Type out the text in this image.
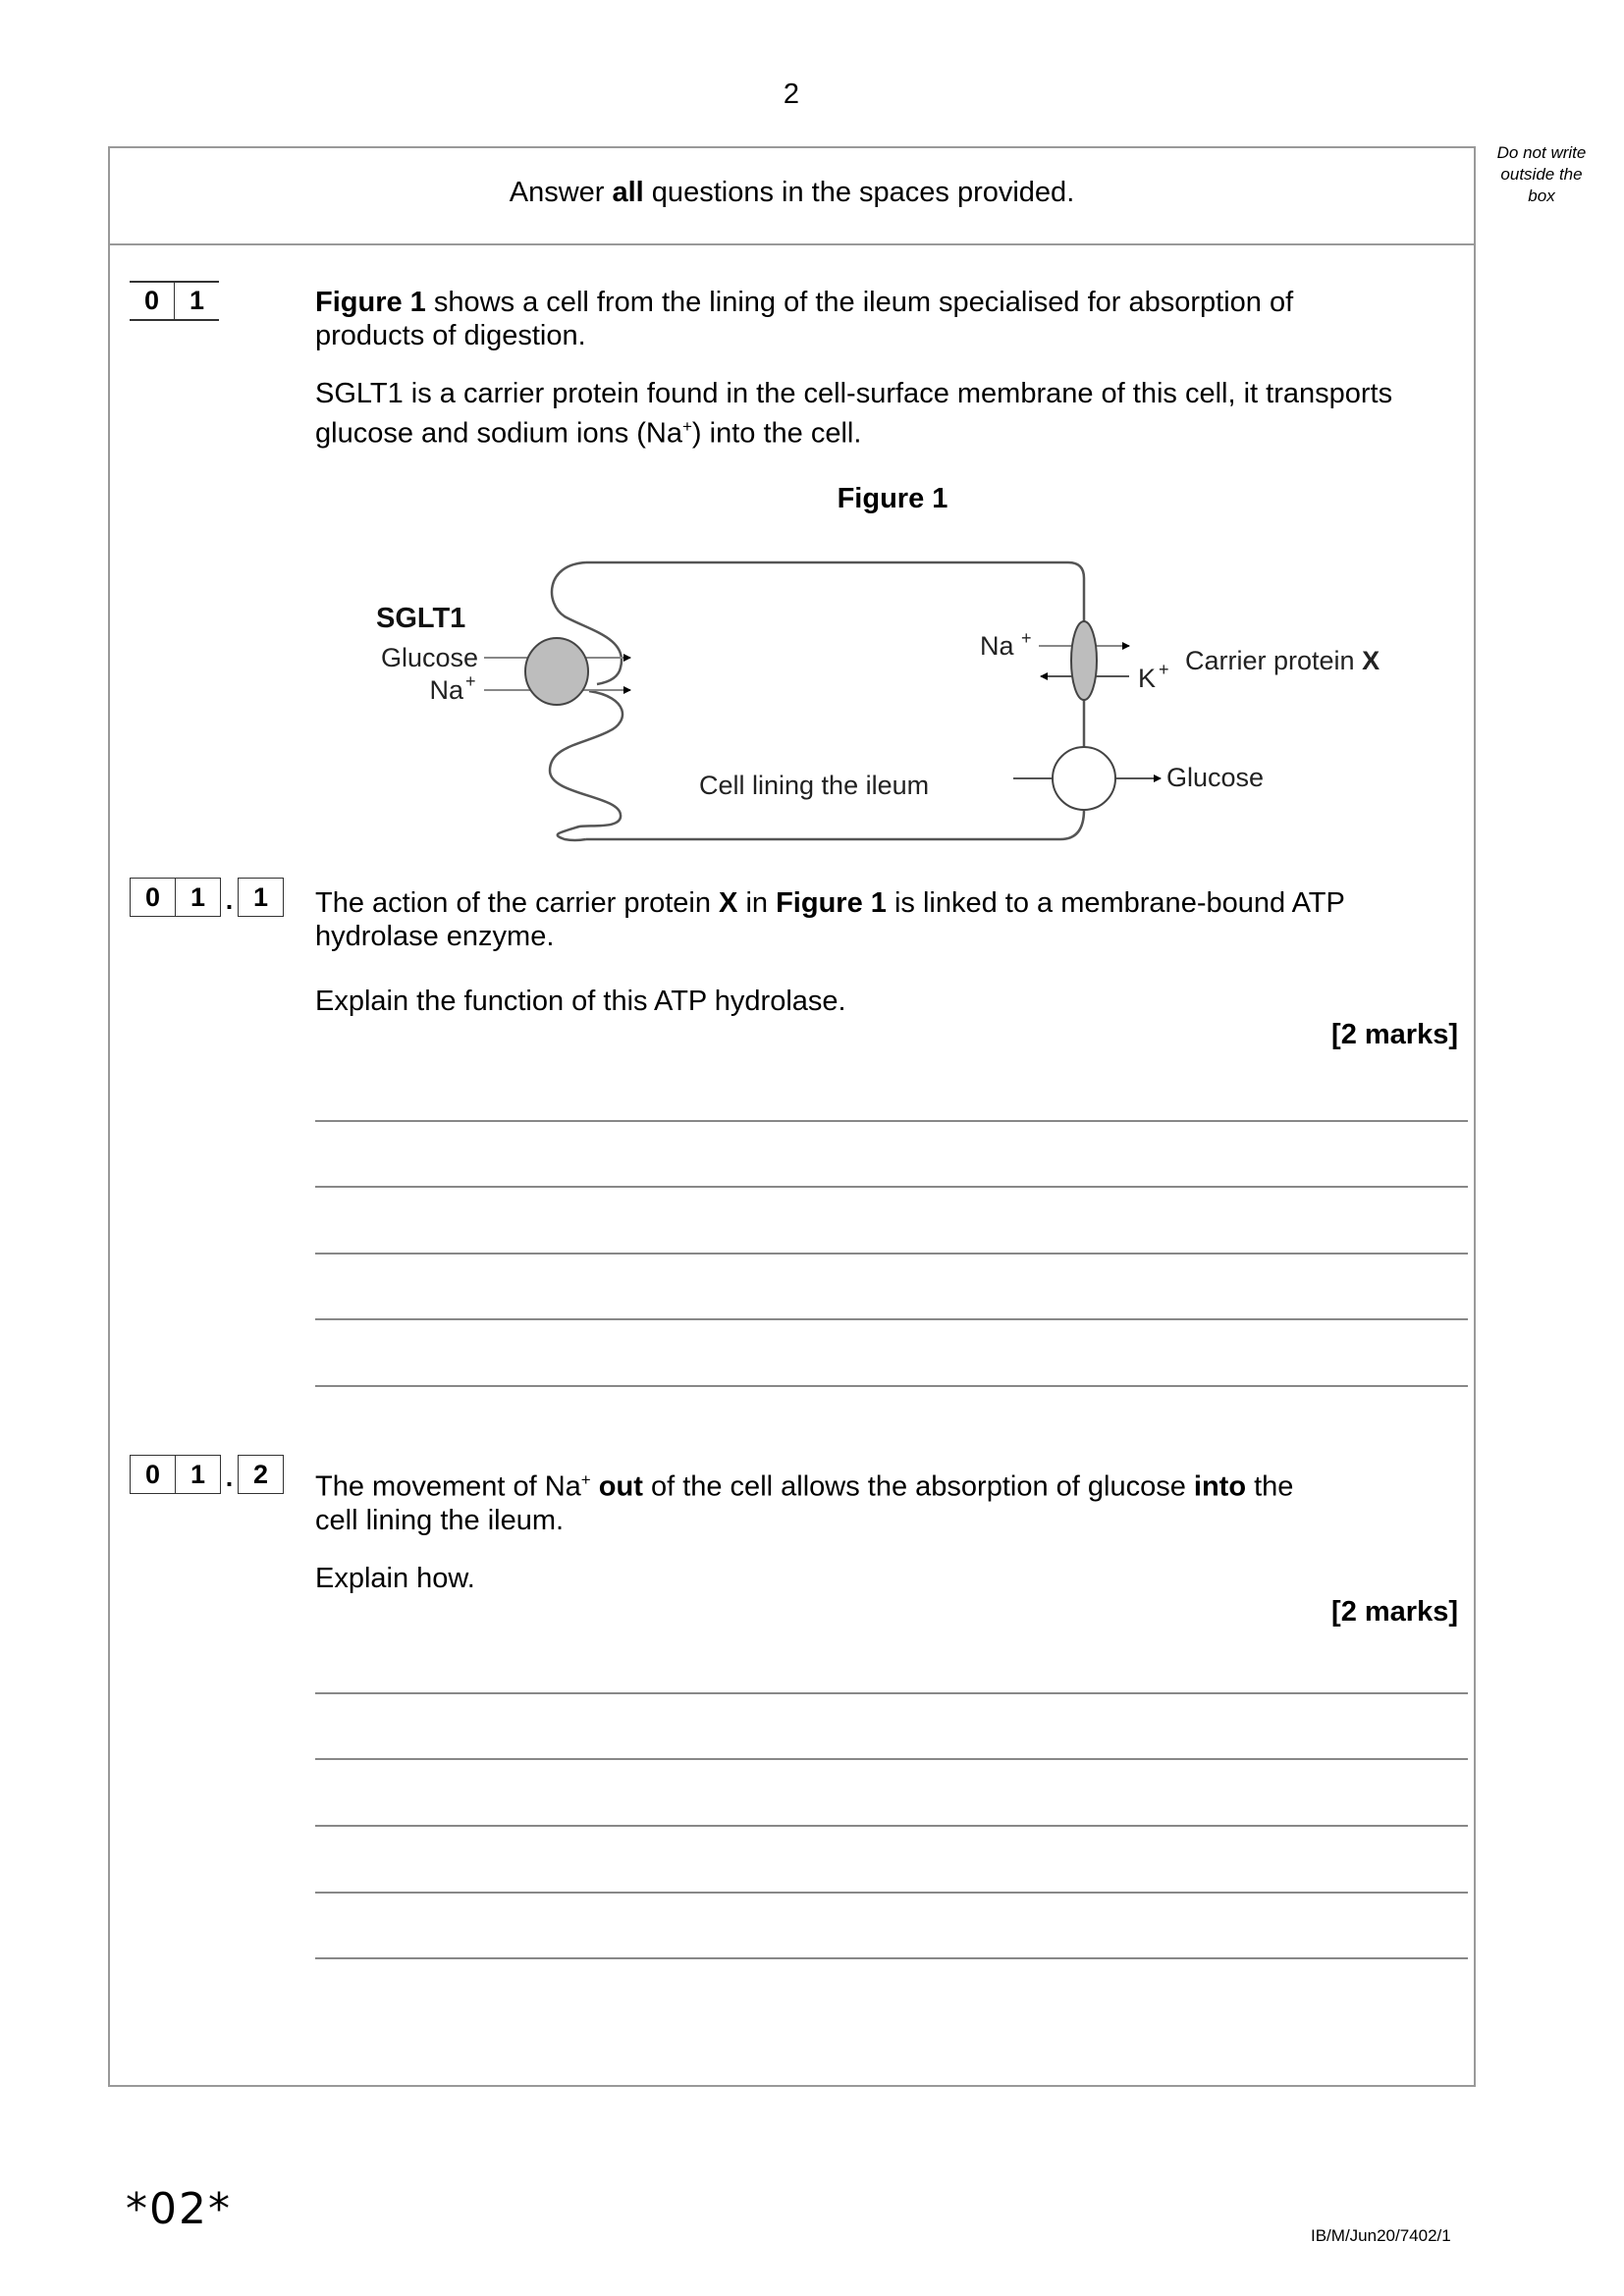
2
Do not write
outside the
box
Answer all questions in the spaces provided.
0	1	Figure 1 shows a cell from the lining of the ileum specialised for absorption of
products of digestion.
SGLT1 is a carrier protein found in the cell-surface membrane of this cell, it transports
glucose and sodium ions (Na+) into the cell.
Figure 1
SGLT1
Glucose
Na +
Na +
K + Carrier protein X
Glucose
Cell lining the ileum
0	1 . 1	The action of the carrier protein X in Figure 1 is linked to a membrane-bound ATP
hydrolase enzyme.
Explain the function of this ATP hydrolase.
[2 marks]
0	1 . 2	The movement of Na+ out of the cell allows the absorption of glucose into the
cell lining the ileum.
Explain how.
[2 marks]
*02*
IB/M/Jun20/7402/1
